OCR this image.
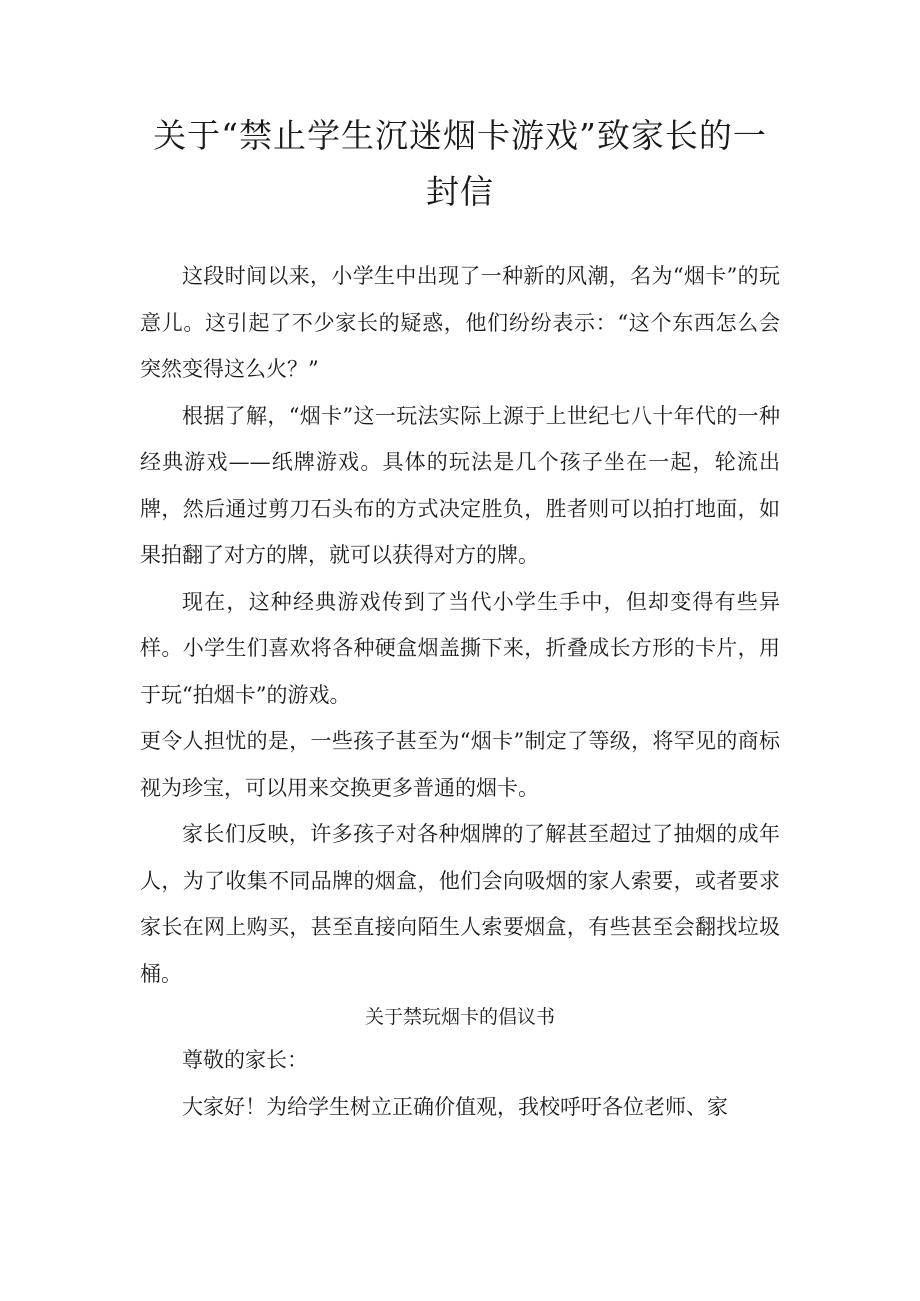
关于“禁止学生沉迷烟卡游戏”致家长的一封信

这段时间以来，小学生中出现了一种新的风潮，名为“烟卡”的玩意儿。这引起了不少家长的疑惑，他们纷纷表示：“这个东西怎么会突然变得这么火？”

根据了解，“烟卡”这一玩法实际上源于上世纪七八十年代的一种经典游戏——纸牌游戏。具体的玩法是几个孩子坐在一起，轮流出牌，然后通过剪刀石头布的方式决定胜负，胜者则可以拍打地面，如果拍翻了对方的牌，就可以获得对方的牌。

现在，这种经典游戏传到了当代小学生手中，但却变得有些异样。小学生们喜欢将各种硬盒烟盖撕下来，折叠成长方形的卡片，用于玩“拍烟卡”的游戏。

更令人担忧的是，一些孩子甚至为“烟卡”制定了等级，将罕见的商标视为珍宝，可以用来交换更多普通的烟卡。

家长们反映，许多孩子对各种烟牌的了解甚至超过了抽烟的成年人，为了收集不同品牌的烟盒，他们会向吸烟的家人索要，或者要求家长在网上购买，甚至直接向陌生人索要烟盒，有些甚至会翻找垃圾桶。

关于禁玩烟卡的倡议书

尊敬的家长：

大家好！为给学生树立正确价值观，我校呼吁各位老师、家
